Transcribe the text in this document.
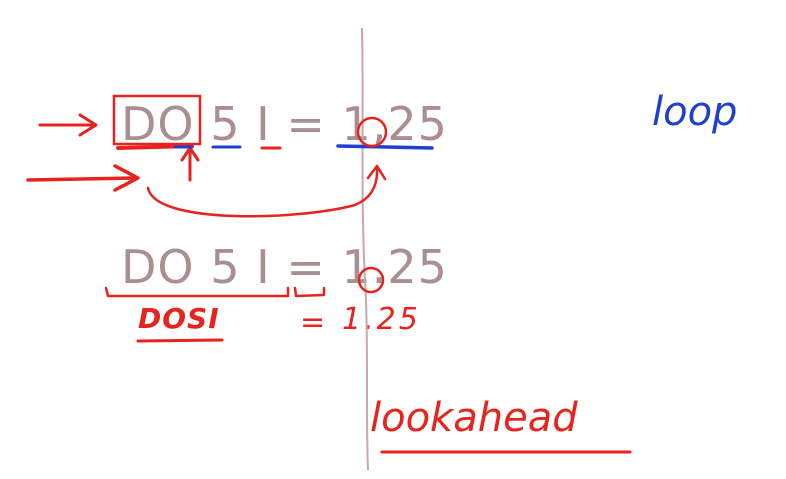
DO 5 I = 1,25
DO 5 I = 1.25
loop
DOSI	= 1.25
lookahead
